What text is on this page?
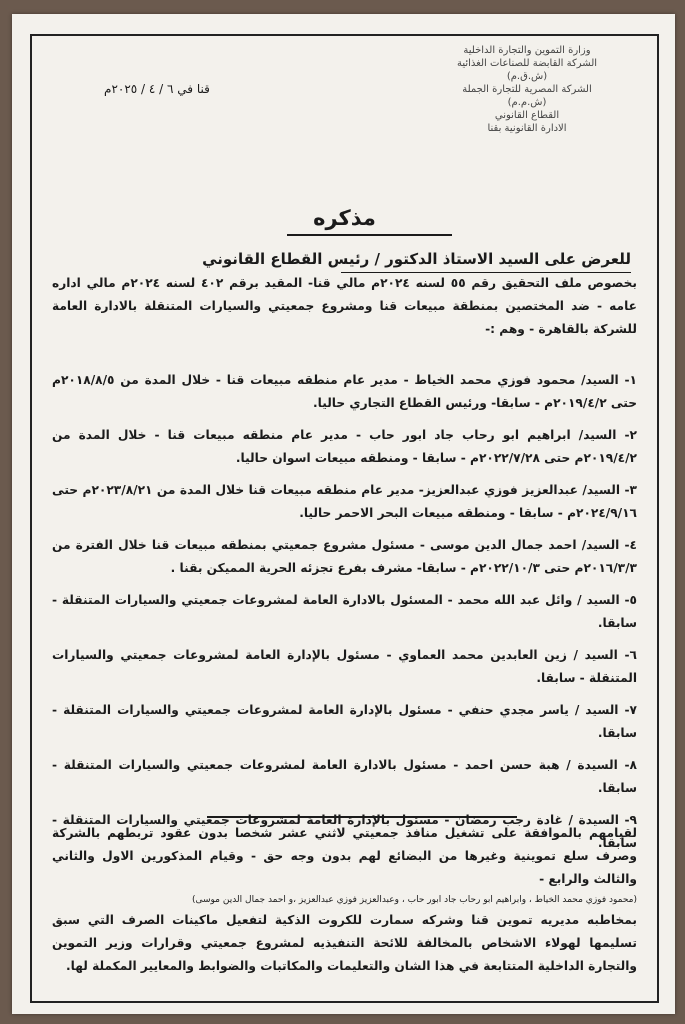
وزارة التموين والتجارة الداخلية
الشركة القابضة للصناعات الغذائية
(ش.ق.م)
الشركة المصرية للتجارة الجملة
(ش.م.م)
القطاع القانوني
الادارة القانونية بقنا
قنا في ٦ / ٤ / ٢٠٢٥م
مذكره
للعرض على السيد الاستاذ الدكتور / رئيس القطاع القانوني

بخصوص ملف التحقيق رقم ٥٥ لسنه ٢٠٢٤م مالي قنا- المقيد برقم ٤٠٢ لسنه ٢٠٢٤م مالي اداره عامه - ضد المختصين بمنطقة مبيعات قنا ومشروع جمعيتي والسيارات المتنقلة بالادارة العامة للشركة بالقاهرة - وهم :-

١- السيد/ محمود فوزي محمد الخياط - مدير عام منطقه مبيعات قنا - خلال المدة من ٢٠١٨/٨/٥م حتى ٢٠١٩/٤/٢م - سابقا- ورئيس القطاع التجاري حاليا.

٢- السيد/ ابراهيم ابو رحاب جاد ابور حاب - مدير عام منطقه مبيعات قنا - خلال المدة من ٢٠١٩/٤/٢م حتى ٢٠٢٢/٧/٢٨م - سابقا - ومنطقه مبيعات اسوان حاليا.

٣- السيد/ عبدالعزيز فوزي عبدالعزيز- مدير عام منطقه مبيعات قنا خلال المدة من ٢٠٢٣/٨/٢١م حتى ٢٠٢٤/٩/١٦م - سابقا - ومنطقه مبيعات البحر الاحمر حاليا.

٤- السيد/ احمد جمال الدين موسى - مسئول مشروع جمعيتي بمنطقه مبيعات قنا خلال الفترة من ٢٠١٦/٣/٣م حتى ٢٠٢٢/١٠/٣م - سابقا- مشرف بفرع تجزئه الحرية المميكن بقنا .

٥- السيد / وائل عبد الله محمد - المسئول بالادارة العامة لمشروعات جمعيتي والسيارات المتنقلة - سابقا.

٦- السيد / زين العابدين محمد العماوي - مسئول بالإدارة العامة لمشروعات جمعيتي والسيارات المتنقلة - سابقا.

٧- السيد / ياسر مجدي حنفي - مسئول بالإدارة العامة لمشروعات جمعيتي والسيارات المتنقلة - سابقا.

٨- السيدة / هبة حسن احمد - مسئول بالادارة العامة لمشروعات جمعيتي والسيارات المتنقلة - سابقا.

٩- السيدة / غادة رجب رمضان - مسئول بالإدارة العامة لمشروعات جمعيتي والسيارات المتنقلة - سابقا.

لقيامهم بالموافقة على تشغيل منافذ جمعيتي لاثني عشر شخصا بدون عقود تربطهم بالشركة وصرف سلع تموينية وغيرها من البضائع لهم بدون وجه حق - وقيام المذكورين الاول والثاني والثالث والرابع -

(محمود فوزي محمد الخياط ، وابراهيم ابو رحاب جاد ابور حاب ، وعبدالعزيز فوزي عبدالعزيز ،و احمد جمال الدين موسى)

بمخاطبه مديريه تموين قنا وشركه سمارت للكروت الذكية لتفعيل ماكينات الصرف التي سبق تسليمها لهولاء الاشخاص بالمخالفة للائحة التنفيذيه لمشروع جمعيتي وقرارات وزير التموين والتجارة الداخلية المتتابعة في هذا الشان والتعليمات والمكاتبات والضوابط والمعايير المكملة لها.
